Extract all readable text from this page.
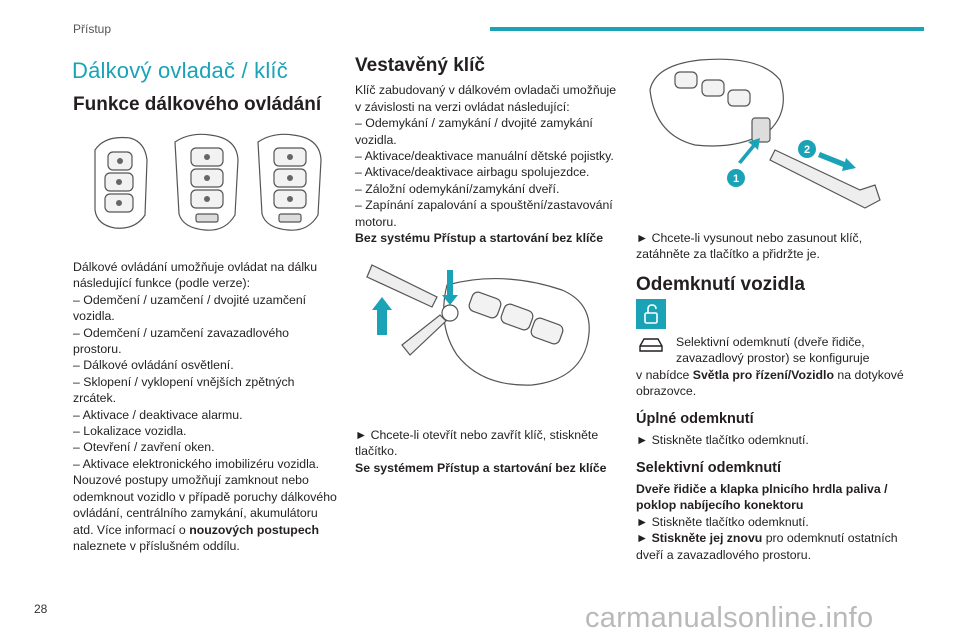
Přístup
28
Dálkový ovladač / klíč
Funkce dálkového ovládání

Dálkové ovládání umožňuje ovládat na dálku

následující funkce (podle verze):

– Odemčení / uzamčení / dvojité uzamčení

vozidla.

– Odemčení / uzamčení zavazadlového

prostoru.

– Dálkové ovládání osvětlení.

– Sklopení / vyklopení vnějších zpětných

zrcátek.

– Aktivace / deaktivace alarmu.

– Lokalizace vozidla.

– Otevření / zavření oken.

– Aktivace elektronického imobilizéru vozidla.

Nouzové postupy umožňují zamknout nebo

odemknout vozidlo v případě poruchy dálkového

ovládání, centrálního zamykání, akumulátoru

atd. Více informací o nouzových postupech

naleznete v příslušném oddílu.

Vestavěný klíč

Klíč zabudovaný v dálkovém ovladači umožňuje

v závislosti na verzi ovládat následující:

– Odemykání / zamykání / dvojité zamykání

vozidla.

– Aktivace/deaktivace manuální dětské pojistky.

– Aktivace/deaktivace airbagu spolujezdce.

– Záložní odemykání/zamykání dveří.

– Zapínání zapalování a spouštění/zastavování

motoru.

Bez systému Přístup a startování bez klíče

► Chcete-li otevřít nebo zavřít klíč, stiskněte

tlačítko.

Se systémem Přístup a startování bez klíče

1
2

► Chcete-li vysunout nebo zasunout klíč,

zatáhněte za tlačítko a přidržte je.

Odemknutí vozidla

Selektivní odemknutí (dveře řidiče,

zavazadlový prostor) se konfiguruje

v nabídce Světla pro řízení/Vozidlo na dotykové

obrazovce.

Úplné odemknutí

► Stiskněte tlačítko odemknutí.

Selektivní odemknutí

Dveře řidiče a klapka plnicího hrdla paliva /

poklop nabíjecího konektoru

► Stiskněte tlačítko odemknutí.

► Stiskněte jej znovu pro odemknutí ostatních

dveří a zavazadlového prostoru.

carmanualsonline.info
